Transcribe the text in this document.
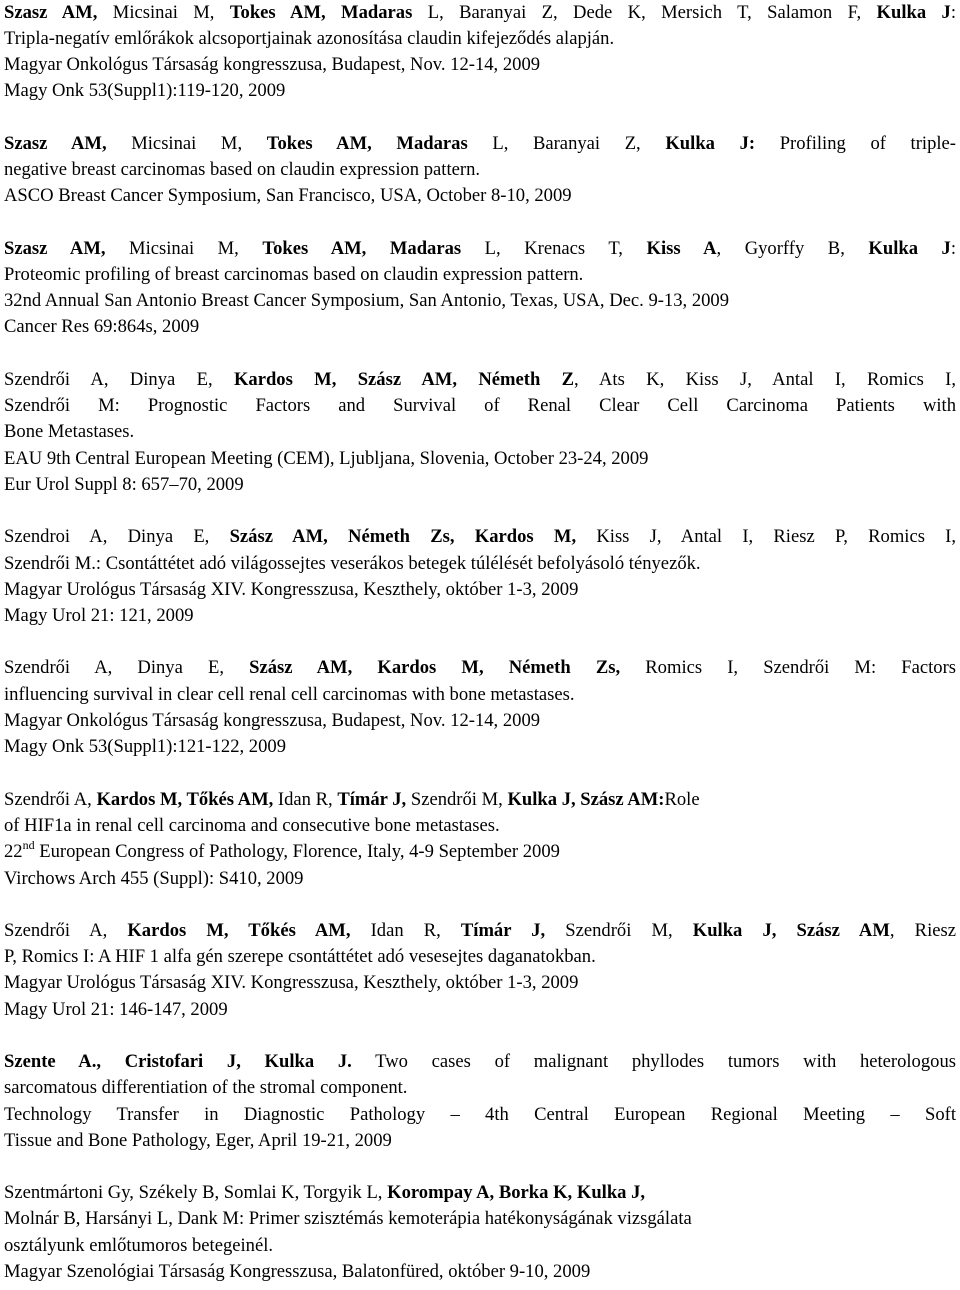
Szasz AM, Micsinai M, Tokes AM, Madaras L, Baranyai Z, Dede K, Mersich T, Salamon F, Kulka J:
Tripla-negatív emlőrákok alcsoportjainak azonosítása claudin kifejeződés alapján.
Magyar Onkológus Társaság kongresszusa, Budapest, Nov. 12-14, 2009
Magy Onk 53(Suppl1):119-120, 2009
Szasz AM, Micsinai M, Tokes AM, Madaras L, Baranyai Z, Kulka J: Profiling of triple-
negative breast carcinomas based on claudin expression pattern.
ASCO Breast Cancer Symposium, San Francisco, USA, October 8-10, 2009
Szasz AM, Micsinai M, Tokes AM, Madaras L, Krenacs T, Kiss A, Gyorffy B, Kulka J:
Proteomic profiling of breast carcinomas based on claudin expression pattern.
32nd Annual San Antonio Breast Cancer Symposium, San Antonio, Texas, USA, Dec. 9-13, 2009
Cancer Res 69:864s, 2009
Szendrői A, Dinya E, Kardos M, Szász AM, Németh Z, Ats K, Kiss J, Antal I, Romics I,
Szendrői M: Prognostic Factors and Survival of Renal Clear Cell Carcinoma Patients with
Bone Metastases.
EAU 9th Central European Meeting (CEM), Ljubljana, Slovenia, October 23-24, 2009
Eur Urol Suppl 8: 657–70, 2009
Szendroi A, Dinya E, Szász AM, Németh Zs, Kardos M, Kiss J, Antal I, Riesz P, Romics I,
Szendrői M.: Csontáttétet adó világossejtes veserákos betegek túlélését befolyásoló tényezők.
Magyar Urológus Társaság XIV. Kongresszusa, Keszthely, október 1-3, 2009
Magy Urol 21: 121, 2009
Szendrői A, Dinya E, Szász AM, Kardos M, Németh Zs, Romics I, Szendrői M: Factors
influencing survival in clear cell renal cell carcinomas with bone metastases.
Magyar Onkológus Társaság kongresszusa, Budapest, Nov. 12-14, 2009
Magy Onk 53(Suppl1):121-122, 2009
Szendrői A, Kardos M, Tőkés AM, Idan R, Tímár J, Szendrői M, Kulka J, Szász AM:Role
of HIF1a in renal cell carcinoma and consecutive bone metastases.
22nd European Congress of Pathology, Florence, Italy, 4-9 September 2009
Virchows Arch 455 (Suppl): S410, 2009
Szendrői A, Kardos M, Tőkés AM, Idan R, Tímár J, Szendrői M, Kulka J, Szász AM, Riesz
P, Romics I: A HIF 1 alfa gén szerepe csontáttétet adó vesesejtes daganatokban.
Magyar Urológus Társaság XIV. Kongresszusa, Keszthely, október 1-3, 2009
Magy Urol 21: 146-147, 2009
Szente A., Cristofari J, Kulka J. Two cases of malignant phyllodes tumors with heterologous
sarcomatous differentiation of the stromal component.
Technology Transfer in Diagnostic Pathology – 4th Central European Regional Meeting – Soft
Tissue and Bone Pathology, Eger, April 19-21, 2009
Szentmártoni Gy, Székely B, Somlai K, Torgyik L, Korompay A, Borka K, Kulka J,
Molnár B, Harsányi L, Dank M: Primer szisztémás kemoterápia hatékonyságának vizsgálata
osztályunk emlőtumoros betegeinél.
Magyar Szenológiai Társaság Kongresszusa, Balatonfüred, október 9-10, 2009
